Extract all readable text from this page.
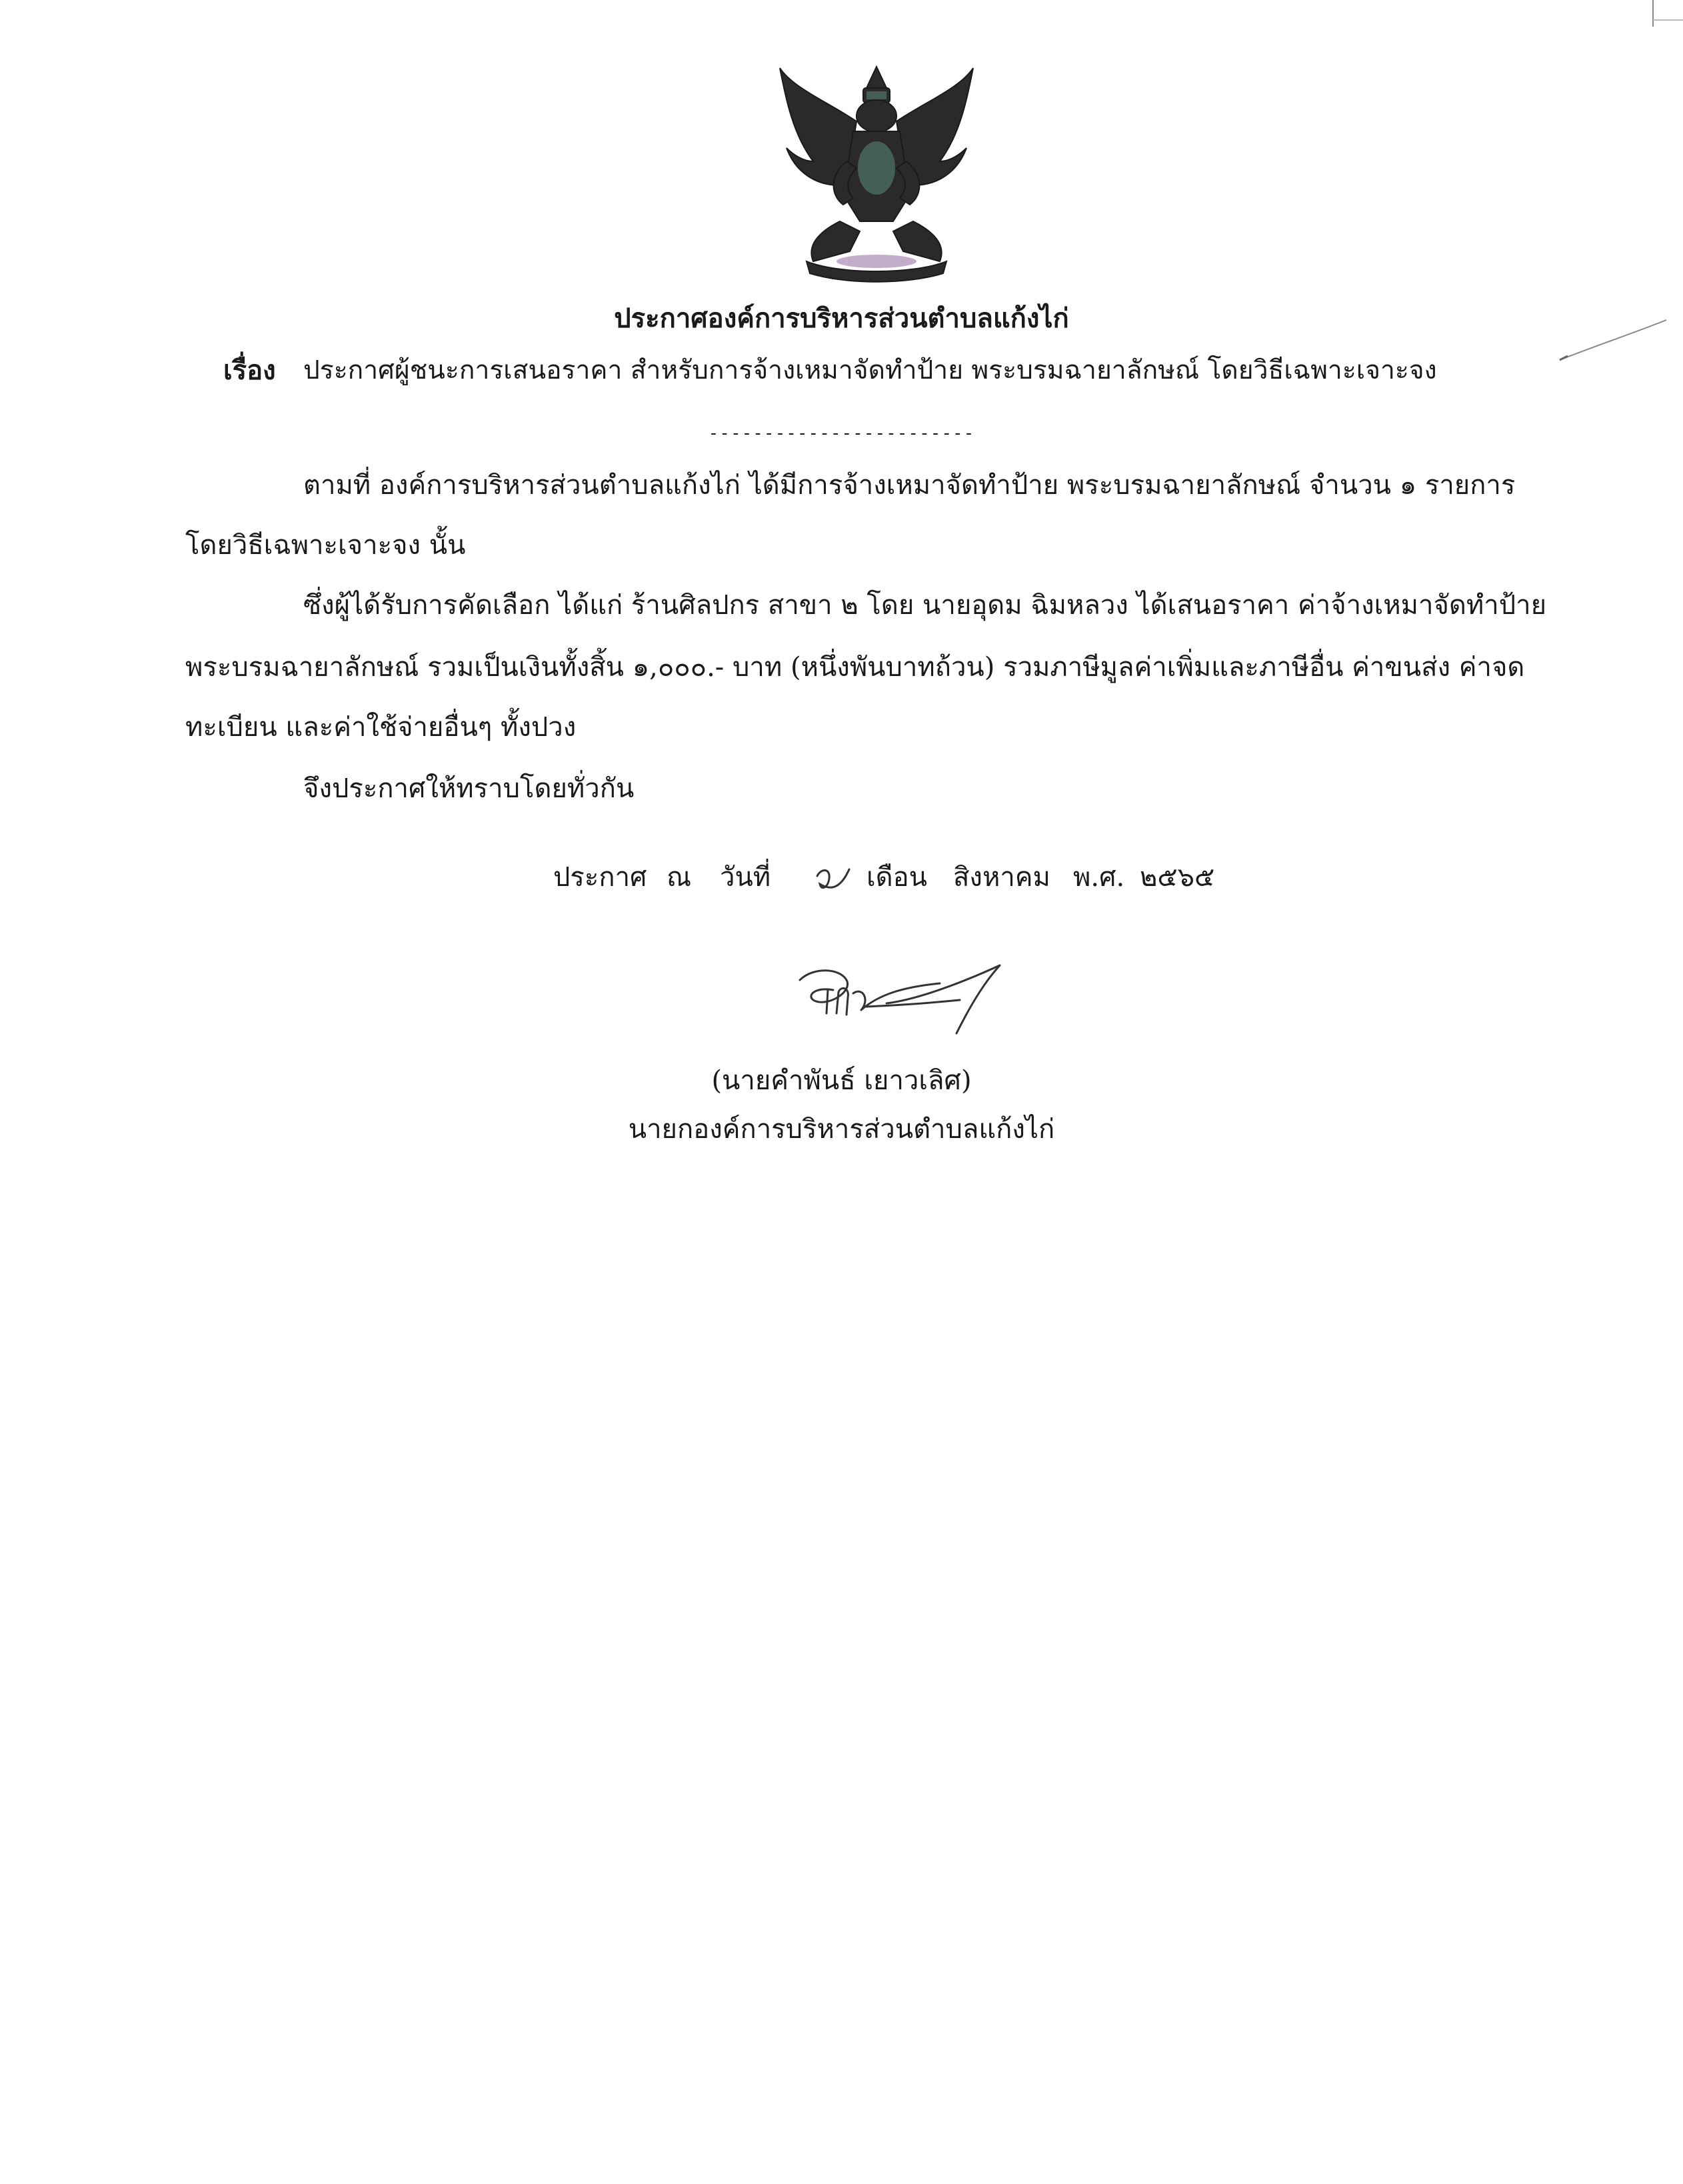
ประกาศองค์การบริหารส่วนตำบลแก้งไก่
เรื่อง ประกาศผู้ชนะการเสนอราคา สำหรับการจ้างเหมาจัดทำป้าย พระบรมฉายาลักษณ์ โดยวิธีเฉพาะเจาะจง
------------------------
ตามที่ องค์การบริหารส่วนตำบลแก้งไก่ ได้มีการจ้างเหมาจัดทำป้าย พระบรมฉายาลักษณ์ จำนวน ๑ รายการ
โดยวิธีเฉพาะเจาะจง นั้น
ซึ่งผู้ได้รับการคัดเลือก ได้แก่ ร้านศิลปกร สาขา ๒ โดย นายอุดม ฉิมหลวง ได้เสนอราคา ค่าจ้างเหมาจัดทำป้าย
พระบรมฉายาลักษณ์ รวมเป็นเงินทั้งสิ้น ๑,๐๐๐.- บาท (หนึ่งพันบาทถ้วน) รวมภาษีมูลค่าเพิ่มและภาษีอื่น ค่าขนส่ง ค่าจด
ทะเบียน และค่าใช้จ่ายอื่นๆ ทั้งปวง
จึงประกาศให้ทราบโดยทั่วกัน
ประกาศ ณ วันที่	เดือน สิงหาคม พ.ศ. ๒๕๖๕
(นายคำพันธ์ เยาวเลิศ)
นายกองค์การบริหารส่วนตำบลแก้งไก่
